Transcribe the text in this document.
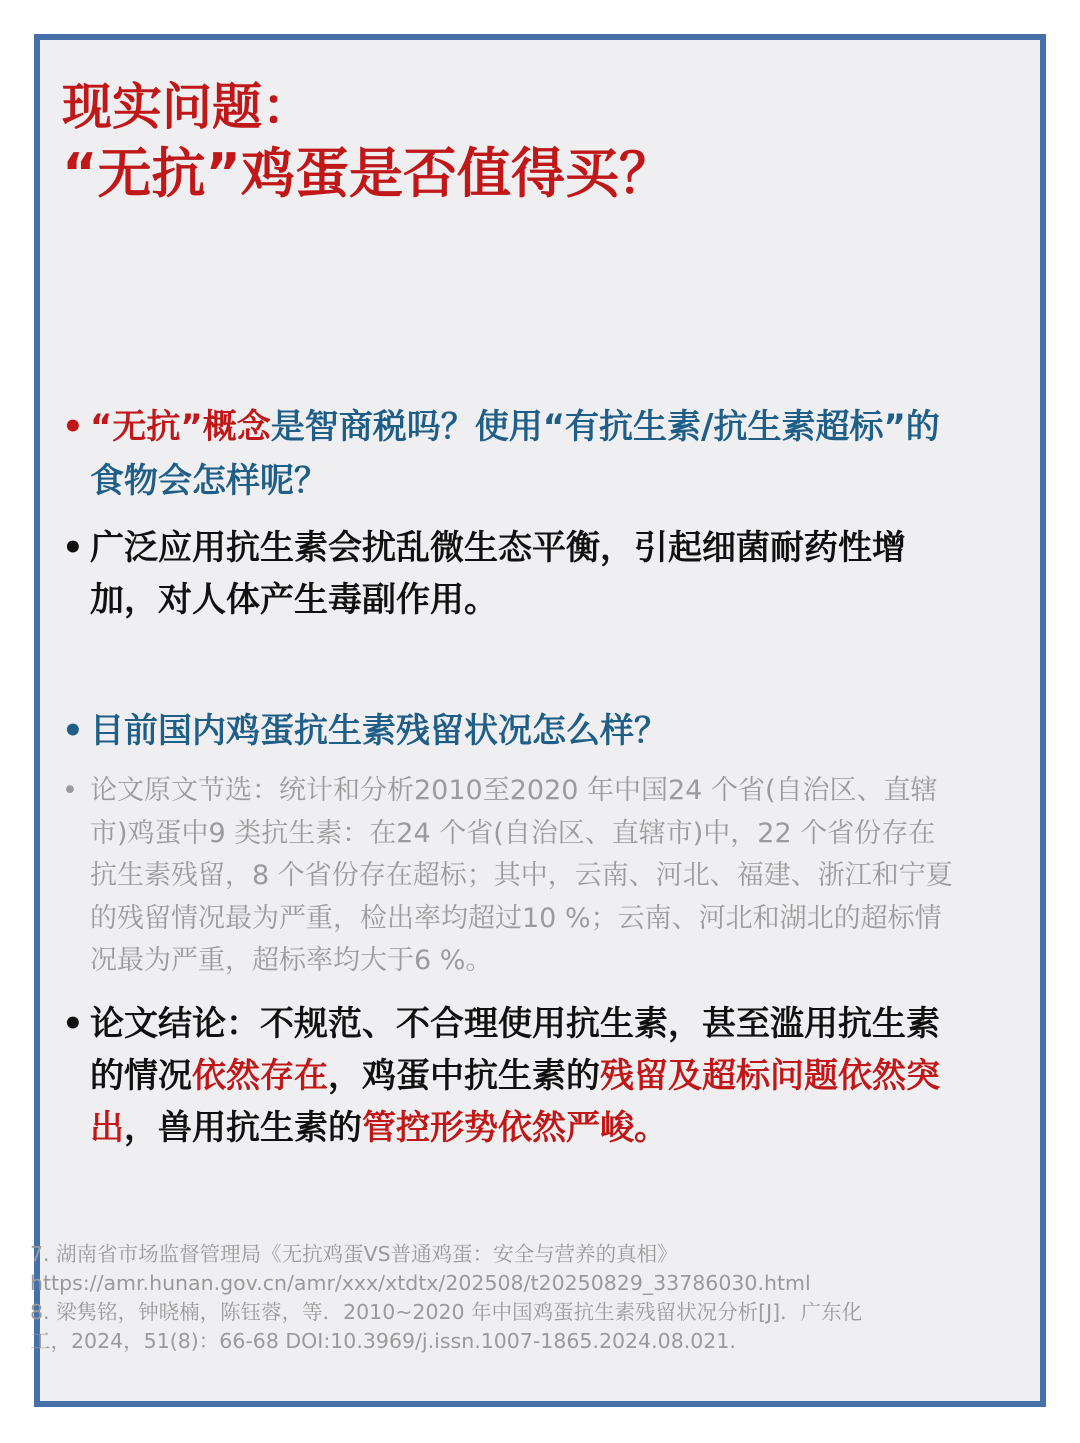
现实问题：
“无抗”鸡蛋是否值得买？
• “无抗”概念是智商税吗？使用“有抗生素/抗生素超标”的食物会怎样呢？
• 广泛应用抗生素会扰乱微生态平衡，引起细菌耐药性增加，对人体产生毒副作用。
• 目前国内鸡蛋抗生素残留状况怎么样？
• 论文原文节选：统计和分析2010至2020 年中国24 个省(自治区、直辖市)鸡蛋中9 类抗生素：在24 个省(自治区、直辖市)中，22 个省份存在抗生素残留，8 个省份存在超标；其中，云南、河北、福建、浙江和宁夏的残留情况最为严重，检出率均超过10 %；云南、河北和湖北的超标情况最为严重，超标率均大于6 %。
• 论文结论：不规范、不合理使用抗生素，甚至滥用抗生素的情况依然存在，鸡蛋中抗生素的残留及超标问题依然突出，兽用抗生素的管控形势依然严峻。
7. 湖南省市场监督管理局《无抗鸡蛋VS普通鸡蛋：安全与营养的真相》
https://amr.hunan.gov.cn/amr/xxx/xtdtx/202508/t20250829_33786030.html
8. 梁隽铭，钟晓楠，陈钰蓉，等．2010~2020 年中国鸡蛋抗生素残留状况分析[J]．广东化
工，2024，51(8)：66-68 DOI:10.3969/j.issn.1007-1865.2024.08.021.
